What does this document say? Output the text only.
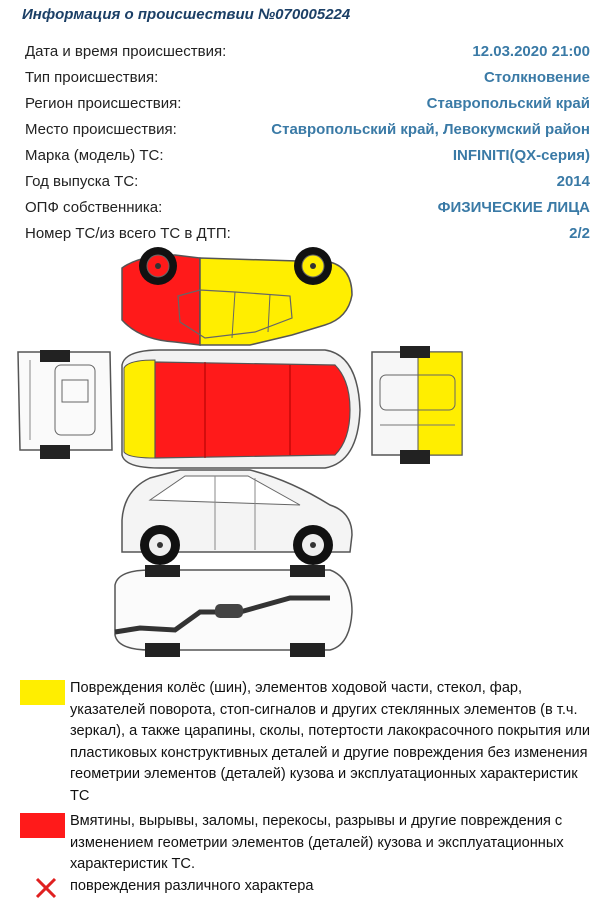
Информация о происшествии №070005224
Дата и время происшествия:	12.03.2020 21:00
Тип происшествия:	Столкновение
Регион происшествия:	Ставропольский край
Место происшествия:	Ставропольский край, Левокумский район
Марка (модель) ТС:	INFINITI(QX-серия)
Год выпуска ТС:	2014
ОПФ собственника:	ФИЗИЧЕСКИЕ ЛИЦА
Номер ТС/из всего ТС в ДТП:	2/2
Повреждения колёс (шин), элементов ходовой части, стекол, фар, указателей поворота, стоп-сигналов и других стеклянных элементов (в т.ч. зеркал), а также царапины, сколы, потертости лакокрасочного покрытия или пластиковых конструктивных деталей и другие повреждения без изменения геометрии элементов (деталей) кузова и эксплуатационных характеристик ТС
Вмятины, вырывы, заломы, перекосы, разрывы и другие повреждения с изменением геометрии элементов (деталей) кузова и эксплуатационных характеристик ТС.
повреждения различного характера
